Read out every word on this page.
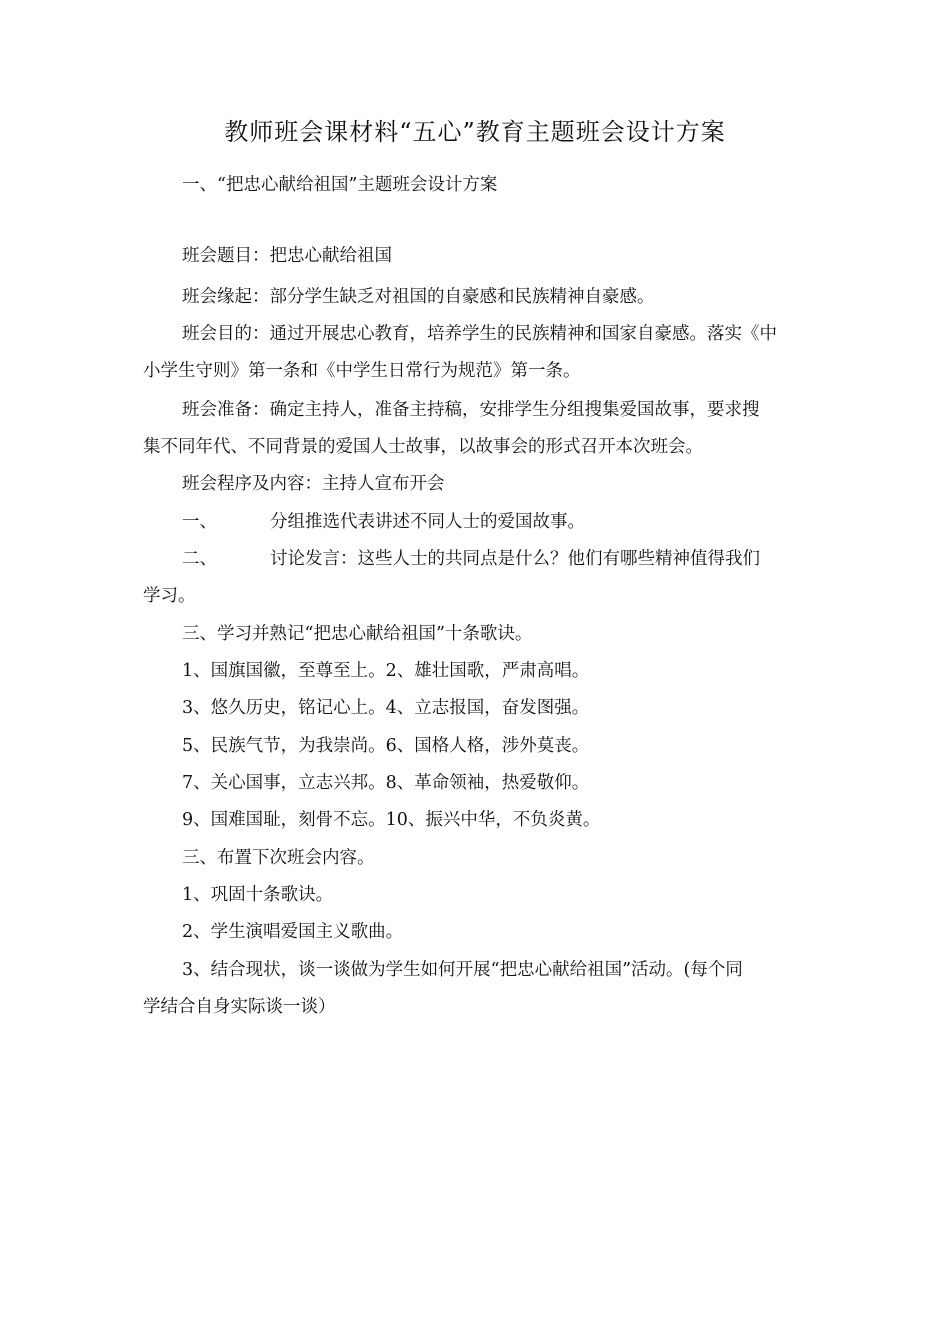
教师班会课材料“五心”教育主题班会设计方案
一、“把忠心献给祖国”主题班会设计方案
班会题目：把忠心献给祖国
班会缘起：部分学生缺乏对祖国的自豪感和民族精神自豪感。
班会目的：通过开展忠心教育，培养学生的民族精神和国家自豪感。落实《中
小学生守则》第一条和《中学生日常行为规范》第一条。
班会准备：确定主持人，准备主持稿，安排学生分组搜集爱国故事，要求搜
集不同年代、不同背景的爱国人士故事，以故事会的形式召开本次班会。
班会程序及内容：主持人宣布开会
一、	分组推选代表讲述不同人士的爱国故事。
二、	讨论发言：这些人士的共同点是什么？他们有哪些精神值得我们
学习。
三、学习并熟记“把忠心献给祖国”十条歌诀。
1、国旗国徽，至尊至上。2、雄壮国歌，严肃高唱。
3、悠久历史，铭记心上。4、立志报国，奋发图强。
5、民族气节，为我崇尚。6、国格人格，涉外莫丧。
7、关心国事，立志兴邦。8、革命领袖，热爱敬仰。
9、国难国耻，刻骨不忘。10、振兴中华，不负炎黄。
三、布置下次班会内容。
1、巩固十条歌诀。
2、学生演唱爱国主义歌曲。
3、结合现状，谈一谈做为学生如何开展“把忠心献给祖国”活动。(每个同
学结合自身实际谈一谈）
